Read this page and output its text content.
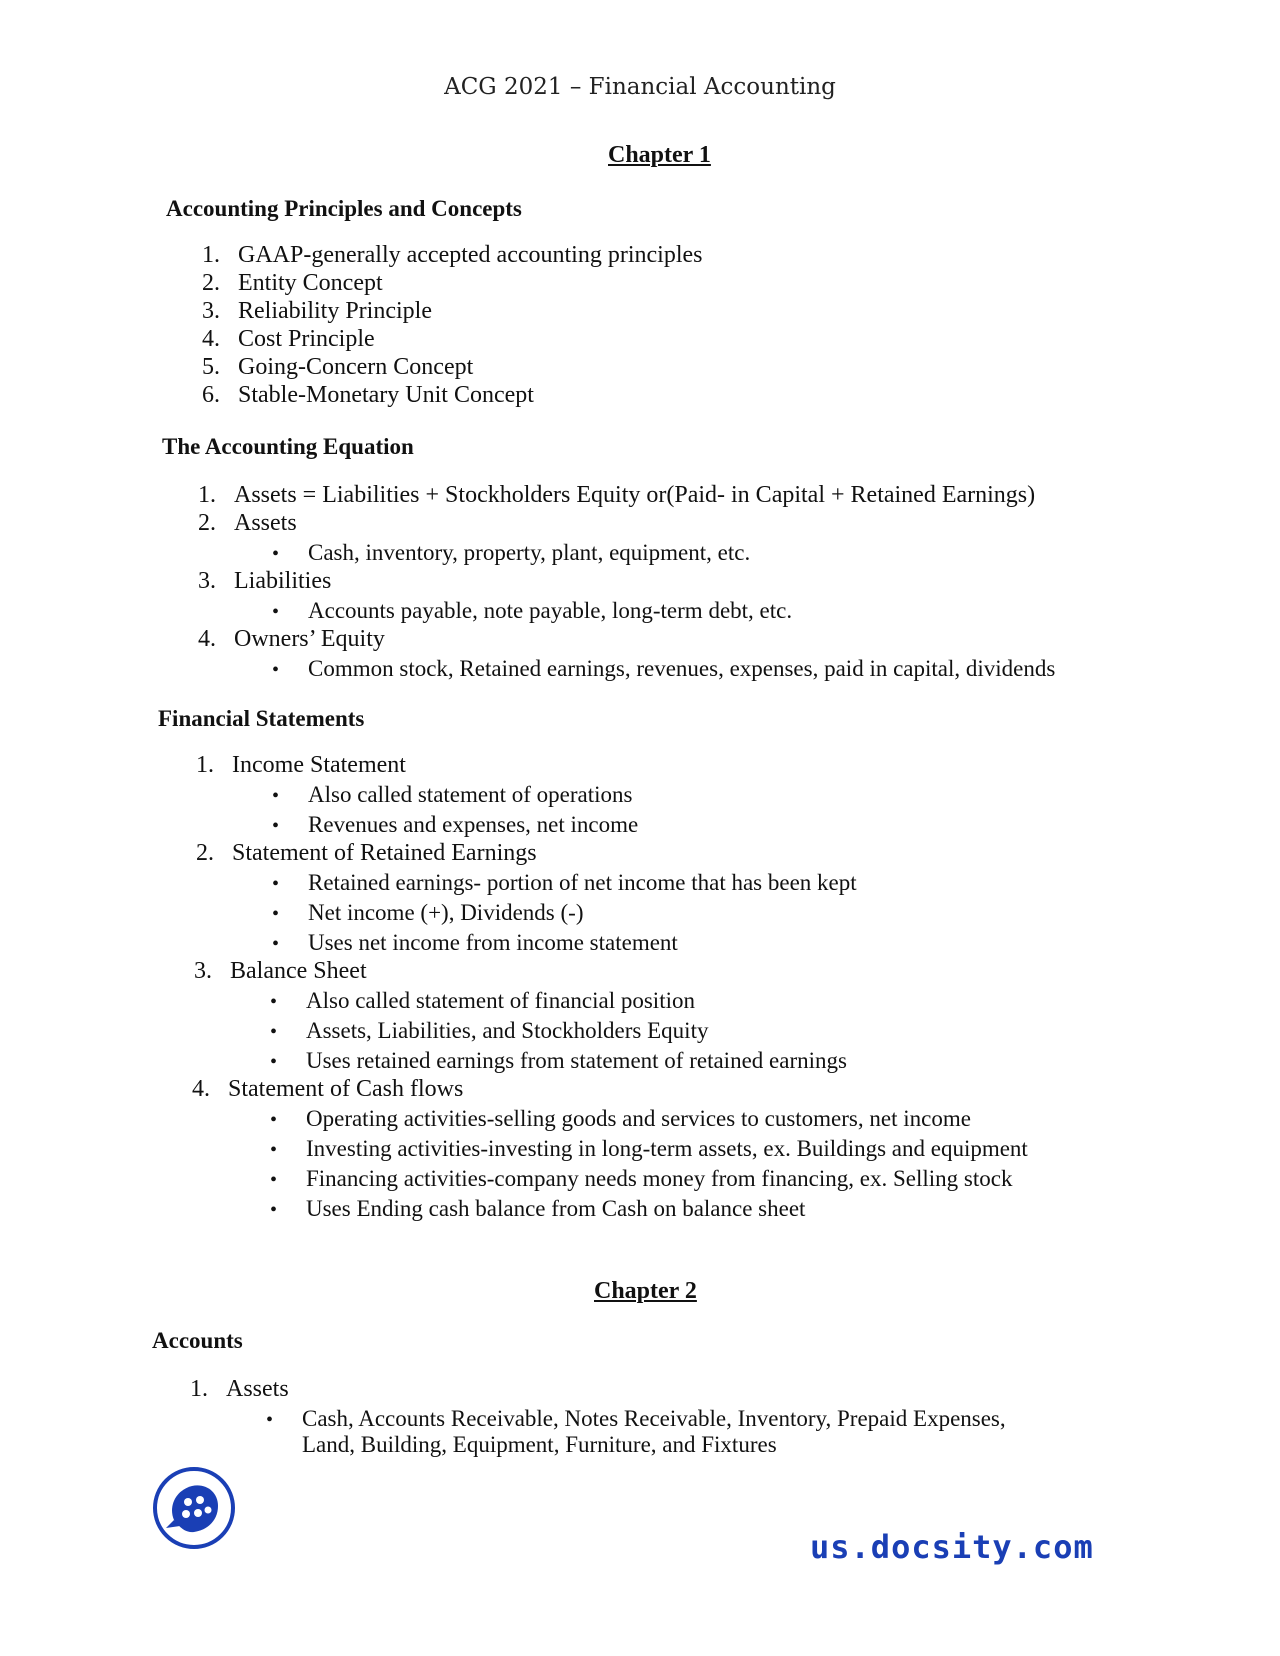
ACG 2021 – Financial Accounting
Chapter 1
Accounting Principles and Concepts
1. GAAP-generally accepted accounting principles
2. Entity Concept
3. Reliability Principle
4. Cost Principle
5. Going-Concern Concept
6. Stable-Monetary Unit Concept
The Accounting Equation
1. Assets = Liabilities + Stockholders Equity or(Paid- in Capital + Retained Earnings)
2. Assets
• Cash, inventory, property, plant, equipment, etc.
3. Liabilities
• Accounts payable, note payable, long-term debt, etc.
4. Owners’ Equity
• Common stock, Retained earnings, revenues, expenses, paid in capital, dividends
Financial Statements
1. Income Statement
• Also called statement of operations
• Revenues and expenses, net income
2. Statement of Retained Earnings
• Retained earnings- portion of net income that has been kept
• Net income (+), Dividends (-)
• Uses net income from income statement
3. Balance Sheet
• Also called statement of financial position
• Assets, Liabilities, and Stockholders Equity
• Uses retained earnings from statement of retained earnings
4. Statement of Cash flows
• Operating activities-selling goods and services to customers, net income
• Investing activities-investing in long-term assets, ex. Buildings and equipment
• Financing activities-company needs money from financing, ex. Selling stock
• Uses Ending cash balance from Cash on balance sheet
Chapter 2
Accounts
1. Assets
• Cash, Accounts Receivable, Notes Receivable, Inventory, Prepaid Expenses,
Land, Building, Equipment, Furniture, and Fixtures
us.docsity.com
